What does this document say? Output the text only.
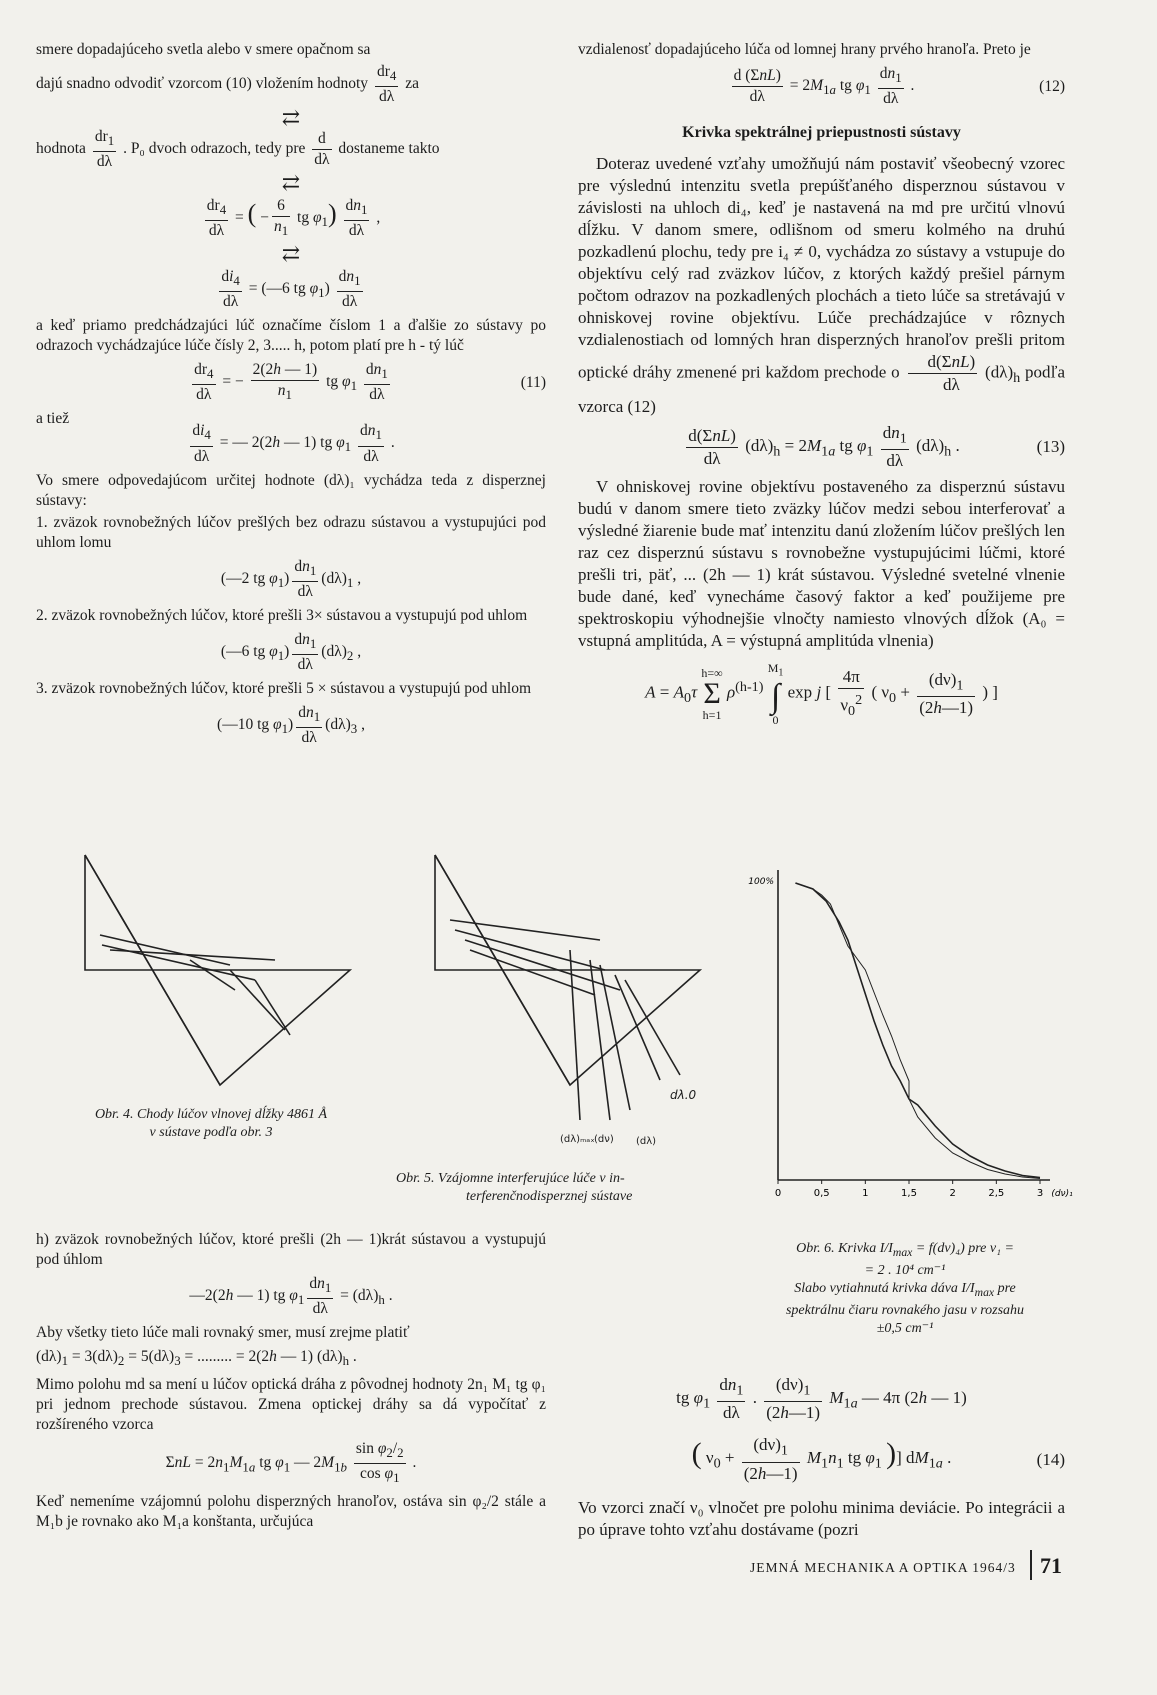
smere dopadajúceho svetla alebo v smere opačnom sa

dajú snadno odvodiť vzorcom (10) vložením hodnoty $\frac{dr_4}{d\lambda}$ za

⇄

hodnota $\frac{dr_1}{d\lambda}$ . P₀ dvoch odrazoch, tedy pre $\frac{d}{d\lambda}$ dostaneme takto

⇄
$\frac{dr_4}{d\lambda}$ = ( − $\frac{6}{n_1}$ tg $\varphi_1) \frac{dn_1}{d\lambda}$ ,
⇄
$\frac{di_4}{d\lambda}$ = (—6 tg $\varphi_1) \frac{dn_1}{d\lambda}$

a keď priamo predchádzajúci lúč označíme číslom 1 a ďalšie zo sústavy po odrazoch vychádzajúce lúče čísly 2, 3..... h, potom platí pre h - tý lúč

$\frac{dr_4}{d\lambda}$ = − $\frac{2(2h — 1)}{n_1}$ tg $\varphi_1 \frac{dn_1}{d\lambda}$	(11)
a tiež
$\frac{di_4}{d\lambda}$ = — 2(2h — 1) tg $\varphi_1 \frac{dn_1}{d\lambda}$ .

Vo smere odpovedajúcom určitej hodnote (dλ)₁ vychádza teda z disperznej sústavy:

1. zväzok rovnobežných lúčov prešlých bez odrazu sústavou a vystupujúci pod uhlom lomu

(—2 tg $\varphi_1) \frac{dn_1}{d\lambda} (d\lambda)_1$ ,

2. zväzok rovnobežných lúčov, ktoré prešli 3× sústavou a vystupujú pod uhlom

(—6 tg $\varphi_1) \frac{dn_1}{d\lambda} (d\lambda)_2$ ,

3. zväzok rovnobežných lúčov, ktoré prešli 5 × sústavou a vystupujú pod uhlom

(—10 tg $\varphi_1) \frac{dn_1}{d\lambda} (d\lambda)_3$ ,
Obr. 4. Chody lúčov vlnovej dĺžky 4861 Å
v sústave podľa obr. 3
dλ.0
(dλ)ₘₐₓ (dν) (dλ)
Obr. 5. Vzájomne interferujúce lúče v in-
terferenčnodisperznej sústave

h) zväzok rovnobežných lúčov, ktoré prešli (2h — 1)krát sústavou a vystupujú pod úhlom

—2(2h — 1) tg $\varphi_1 \frac{dn_1}{d\lambda} = (d\lambda)_h$ .

Aby všetky tieto lúče mali rovnaký smer, musí zrejme platiť

$(d\lambda)_1 = 3(d\lambda)_2 = 5(d\lambda)_3$ = ......... = 2(2h — 1) $(d\lambda)_h$ .

Mimo polohu md sa mení u lúčov optická dráha z pôvodnej hodnoty 2n₁ M₁ tg φ₁ pri jednom prechode sústavou. Zmena optickej dráhy sa dá vypočítať z rozšíreného vzorca

$\Sigma nL = 2n_1M_{1a}$ tg $\varphi_1$ — $2M_{1b} \frac{\sin \varphi_2/_2}{\cos \varphi_1}$ .

Keď nemeníme vzájomnú polohu disperzných hranoľov, ostáva sin φ₂/2 stále a M₁b je rovnako ako M₁a konštanta, určujúca

vzdialenosť dopadajúceho lúča od lomnej hrany prvého hranoľa. Preto je

$\frac{\text{d (ΣnL)}}{d\lambda} = 2M_{1a}$ tg $\varphi_1 \frac{dn_1}{d\lambda}$ .	(12)
Krivka spektrálnej priepustnosti sústavy

Doteraz uvedené vzťahy umožňujú nám postaviť všeobecný vzorec pre výslednú intenzitu svetla prepúšťaného disperznou sústavou v závislosti na uhloch di₄, keď je nastavená na md pre určitú vlnovú dĺžku. V danom smere, odlišnom od smeru kolmého na druhú pozkadlenú plochu, tedy pre i₄ ≠ 0, vychádza zo sústavy a vstupuje do objektívu celý rad zväzkov lúčov, z ktorých každý prešiel párnym počtom odrazov na pozkadlených plochách a tieto lúče sa stretávajú v ohniskovej rovine objektívu. Lúče prechádzajúce v rôznych vzdialenostiach od lomných hran disperzných hranoľov prešli pritom optické dráhy zmenené pri každom prechode o $\frac{\text{d(ΣnL)}}{d\lambda} (d\lambda)_h$ podľa vzorca (12)

$\frac{\text{d(ΣnL)}}{d\lambda} (d\lambda)_h = 2M_{1a}$ tg $\varphi_1 \frac{dn_1}{d\lambda} (d\lambda)_h$ .	(13)

V ohniskovej rovine objektívu postaveného za disperznú sústavu budú v danom smere tieto zväzky lúčov medzi sebou interferovať a výsledné žiarenie bude mať intenzitu danú zložením lúčov prešlých len raz cez disperznú sústavu s rovnobežne vystupujúcimi lúčmi, ktoré prešli tri, päť, ... (2h — 1) krát sústavou. Výsledné svetelné vlnenie bude dané, keď vynecháme časový faktor a keď použijeme pre spektroskopiu výhodnejšie vlnočty namiesto vlnových dĺžok (A₀ = vstupná amplitúda, A = výstupná amplitúda vlnenia)

$A = A_0\tau$ h=∞
Σ
h=1 $\rho^{(h-1)}$ $M_1$
∫
0 exp j [ $\frac{4\pi}{\nu_0^2}$ ( $\nu_0 + \frac{(d\nu)_1}{(2h—1)}$ ) ]
0	0,5	1	1,5	2	2,5	3 (dν)₁
100%
Obr. 6. Krivka $I/I_{max} = f(d\nu)_4$) pre ν₁ =
= 2 . 10⁴ cm⁻¹
Slabo vytiahnutá krivka dáva $I/I_{max}$ pre
spektrálnu čiaru rovnakého jasu v rozsahu
±0,5 cm⁻¹
tg $\varphi_1 \frac{dn_1}{d\lambda}$ . $\frac{(d\nu)_1}{(2h—1)} M_{1a}$ — 4π (2h — 1)
( $\nu_0 + \frac{(d\nu)_1}{(2h—1)} M_1n_1$ tg $\varphi_1$ )] $dM_{1a}$ .	(14)

Vo vzorci značí ν₀ vlnočet pre polohu minima deviácie. Po integrácii a po úprave tohto vzťahu dostávame (pozri

JEMNÁ MECHANIKA A OPTIKA 1964/3 71
